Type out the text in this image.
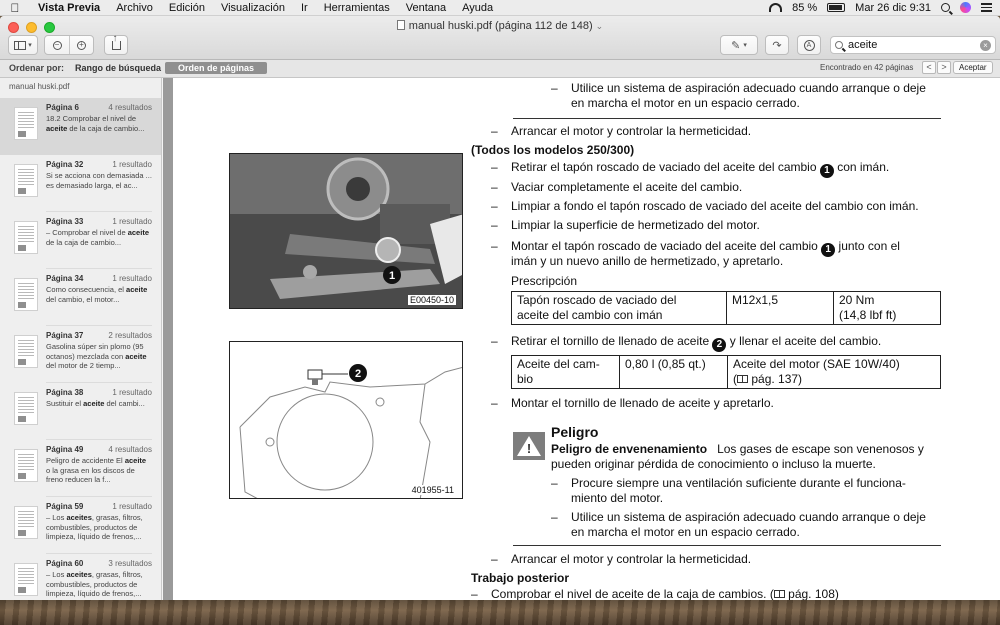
Vista Previa	Archivo	Edición	Visualización	Ir	Herramientas	Ventana	Ayuda	85 %	Mar 26 dic 9:31
manual huski.pdf (página 112 de 148) ⌄
▾	− +
↑	✎ ▾ ↷	A	aceite	×
Ordenar por: Rango de búsqueda	Orden de páginas	Encontrado en 42 páginas	<	>	Aceptar
manual huski.pdf
Página 6	4 resultados
18.2 Comprobar el nivel de aceite de la caja de cambio...
Página 32	1 resultado
Si se acciona con demasiada ... es demasiado larga, el ac...
Página 33	1 resultado
– Comprobar el nivel de aceite de la caja de cambio...
Página 34	1 resultado
Como consecuencia, el aceite del cambio, el motor...
Página 37	2 resultados
Gasolina súper sin plomo (95 octanos) mezclada con aceite del motor de 2 tiemp...
Página 38	1 resultado
Sustituir el aceite del cambi...
Página 49	4 resultados
Peligro de accidente El aceite o la grasa en los discos de freno reducen la f...
Página 59	1 resultado
– Los aceites, grasas, filtros, combustibles, productos de limpieza, líquido de frenos,...
Página 60	3 resultados
– Los aceites, grasas, filtros, combustibles, productos de limpieza, líquido de frenos,...
1
E00450-10
2
401955-11
– Utilice un sistema de aspiración adecuado cuando arranque o deje
en marcha el motor en un espacio cerrado.
– Arrancar el motor y controlar la hermeticidad.
(Todos los modelos 250/300)
– Retirar el tapón roscado de vaciado del aceite del cambio 1 con imán.
– Vaciar completamente el aceite del cambio.
– Limpiar a fondo el tapón roscado de vaciado del aceite del cambio con imán.
– Limpiar la superficie de hermetizado del motor.
– Montar el tapón roscado de vaciado del aceite del cambio 1 junto con el
imán y un nuevo anillo de hermetizado, y apretarlo.
Prescripción
Tapón roscado de vaciado del
aceite del cambio con imán	M12x1,5	20 Nm
(14,8 lbf ft)
– Retirar el tornillo de llenado de aceite 2 y llenar el aceite del cambio.
Aceite del cam-
bio	0,80 l (0,85 qt.)	Aceite del motor (SAE 10W/40)
( pág. 137)
– Montar el tornillo de llenado de aceite y apretarlo.
!
Peligro
Peligro de envenenamiento Los gases de escape son venenosos y
pueden originar pérdida de conocimiento o incluso la muerte.
– Procure siempre una ventilación suficiente durante el funciona-
miento del motor.
– Utilice un sistema de aspiración adecuado cuando arranque o deje
en marcha el motor en un espacio cerrado.
– Arrancar el motor y controlar la hermeticidad.
Trabajo posterior
– Comprobar el nivel de aceite de la caja de cambios. ( pág. 108)
